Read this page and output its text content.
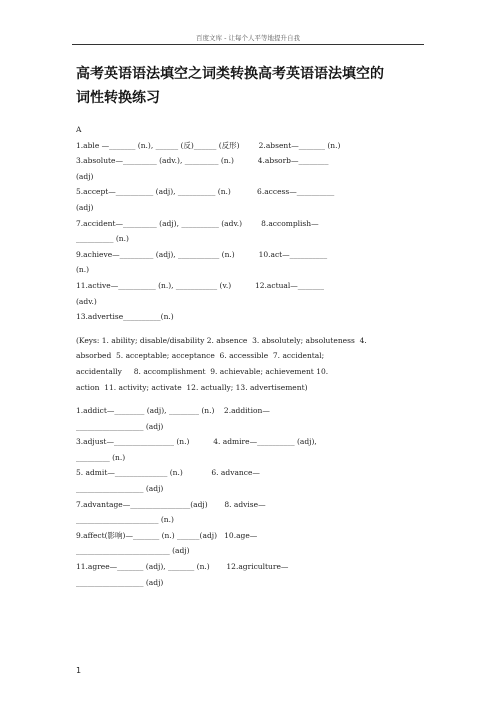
百度文库 - 让每个人平等地提升自我
高考英语语法填空之词类转换高考英语语法填空的
词性转换练习
A
1.able —_______ (n.), ______ (反)______ (反形)        2.absent—_______ (n.)
3.absolute—_________ (adv.), _________ (n.)          4.absorb—________
(adj)
5.accept—__________ (adj), __________ (n.)           6.access—__________
(adj)
7.accident—_________ (adj), __________ (adv.)        8.accomplish—
__________ (n.)
9.achieve—_________ (adj), ___________ (n.)          10.act—__________
(n.)
11.active—__________ (n.), ___________ (v.)          12.actual—_______
(adv.)
13.advertise__________(n.)
(Keys: 1. ability; disable/disability 2. absence  3. absolutely; absoluteness  4.
absorbed  5. acceptable; acceptance  6. accessible  7. accidental;
accidentally     8. accomplishment  9. achievable; achievement 10.
action  11. activity; activate  12. actually; 13. advertisement)
1.addict—________ (adj), ________ (n.)    2.addition—
__________________ (adj)
3.adjust—________________ (n.)          4. admire—__________ (adj),
_________ (n.)
5. admit—______________ (n.)            6. advance—
__________________ (adj)
7.advantage—________________(adj)       8. advise—
______________________ (n.)
9.affect(影响)—_______ (n.) ______(adj)   10.age—
_________________________ (adj)
11.agree—_______ (adj), _______ (n.)       12.agriculture—
__________________ (adj)
1
